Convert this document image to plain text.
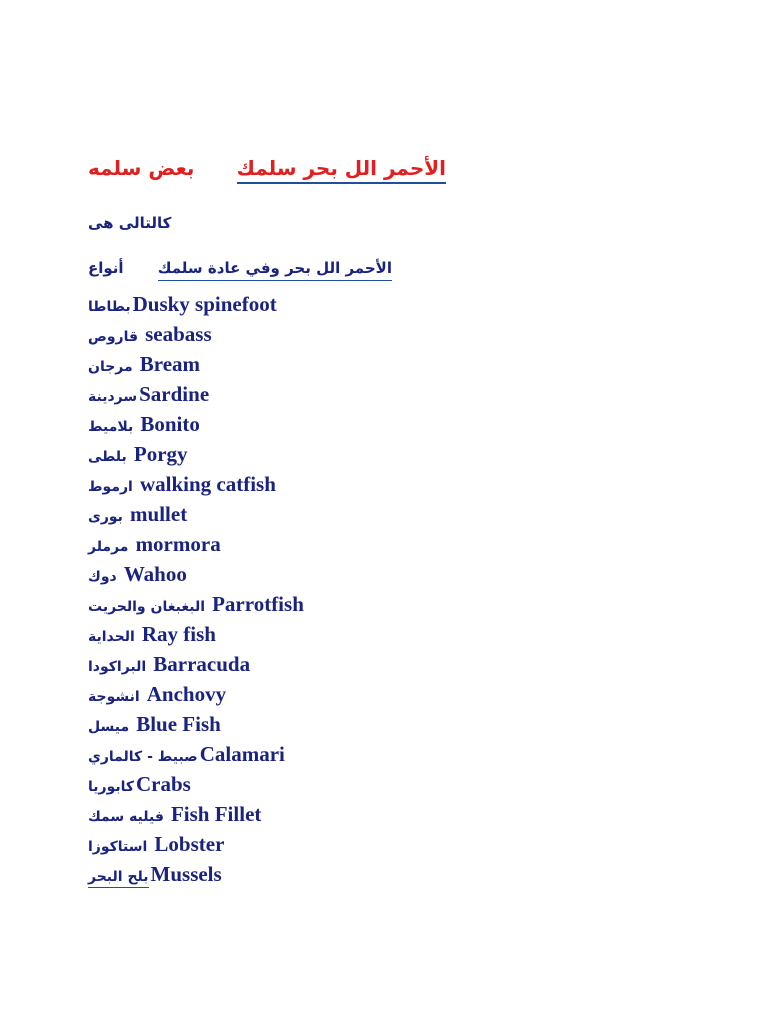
بعض سلمه الأحمر الل بحر سلمك
كالتالى هى
أنواع الأحمر الل بحر وفي عادة سلمك
بطاطاDusky spinefoot
قاروص seabass
مرجان Bream
سردينةSardine
بلاميط Bonito
بلطى Porgy
ارموط walking catfish
بورى mullet
مرملر mormora
دوك Wahoo
البغبغان والحريت Parrotfish
الحداية Ray fish
البراكودا Barracuda
انشوجة Anchovy
ميسل Blue Fish
صبيط - كالماريCalamari
كابورياCrabs
فيليه سمك Fish Fillet
استاكوزا Lobster
بلح البحرMussels
